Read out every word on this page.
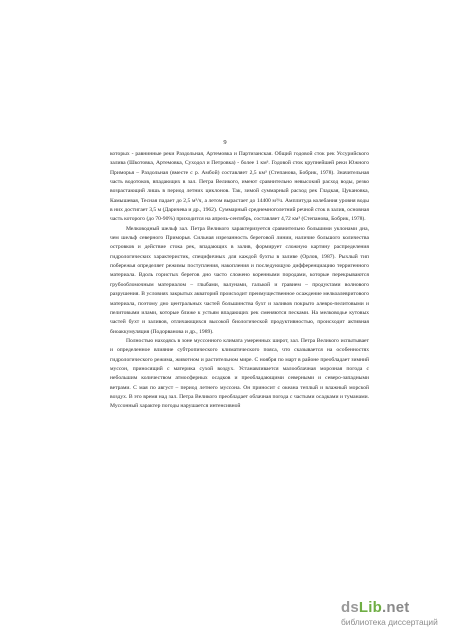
9

которых - равнинные реки Раздольная, Артемовка и Партизанская. Общий годовой сток рек Уссурийского залива (Шкотовка, Артемовка, Суходол и Петровка) - более 1 км³. Годовой сток крупнейшей реки Южного Приморья – Раздольная (вместе с р. Амбой) составляет 2,5 км³ (Степанова, Бобрик, 1978). Значительная часть водотоков, впадающих в зал. Петра Великого, имеют сравнительно невысокий расход воды, резко возрастающий лишь в период летних циклонов. Так, зимой суммарный расход рек Гладкая, Цукановка, Камышевая, Тесная падает до 2,5 м³/ч, а летом вырастает до 14400 м³/ч. Амплитуда колебания уровня воды в них достигает 3,5 м (Даричева и др., 1962). Суммарный среднемноголетний речной сток в залив, основная часть которого (до 70-90%) приходится на апрель-сентябрь, составляет 4,72 км³ (Степанова, Бобрик, 1978).

Мелководный шельф зал. Петра Великого характеризуется сравнительно большими уклонами дна, чем шельф северного Приморья. Сильная изрезанность береговой линии, наличие большого количества островков и действие стока рек, впадающих в залив, формирует сложную картину распределения гидрологических характеристик, специфичных для каждой бухты в заливе (Орлов, 1987). Рыхлый тип побережья определяет режимы поступления, накопления и последующую дифференциацию терригенного материала. Вдоль гористых берегов дно часто сложено коренными породами, которые перекрываются грубообломочным материалом – глыбами, валунами, галькой и гравием – продуктами волнового разрушения. В условиях закрытых акваторий происходит преимущественное осаждение мелкоалевритового материала, поэтому дно центральных частей большинства бухт и заливов покрыто алевро-пелитовыми и пелитовыми илами, которые ближе к устьям впадающих рек сменяются песками. На мелководье кутовых частей бухт и заливов, отличающихся высокой биологической продуктивностью, происходит активная биоаккумуляция (Подорванова и др., 1989).

Полностью находясь в зоне муссонного климата умеренных широт, зал. Петра Великого испытывает и определенное влияние субтропического климатического пояса, что сказывается на особенностях гидрологического режима, животном и растительном мире. С ноября по март в районе преобладает зимний муссон, приносящий с материка сухой воздух. Устанавливается малооблачная морозная погода с небольшим количеством атмосферных осадков и преобладающими северными и северо-западными ветрами. С мая по август – период летнего муссона. Он приносит с океана теплый и влажный морской воздух. В это время над зал. Петра Великого преобладает облачная погода с частыми осадками и туманами. Муссонный характер погоды нарушается интенсивной

ds Lib . net
библиотека диссертаций
